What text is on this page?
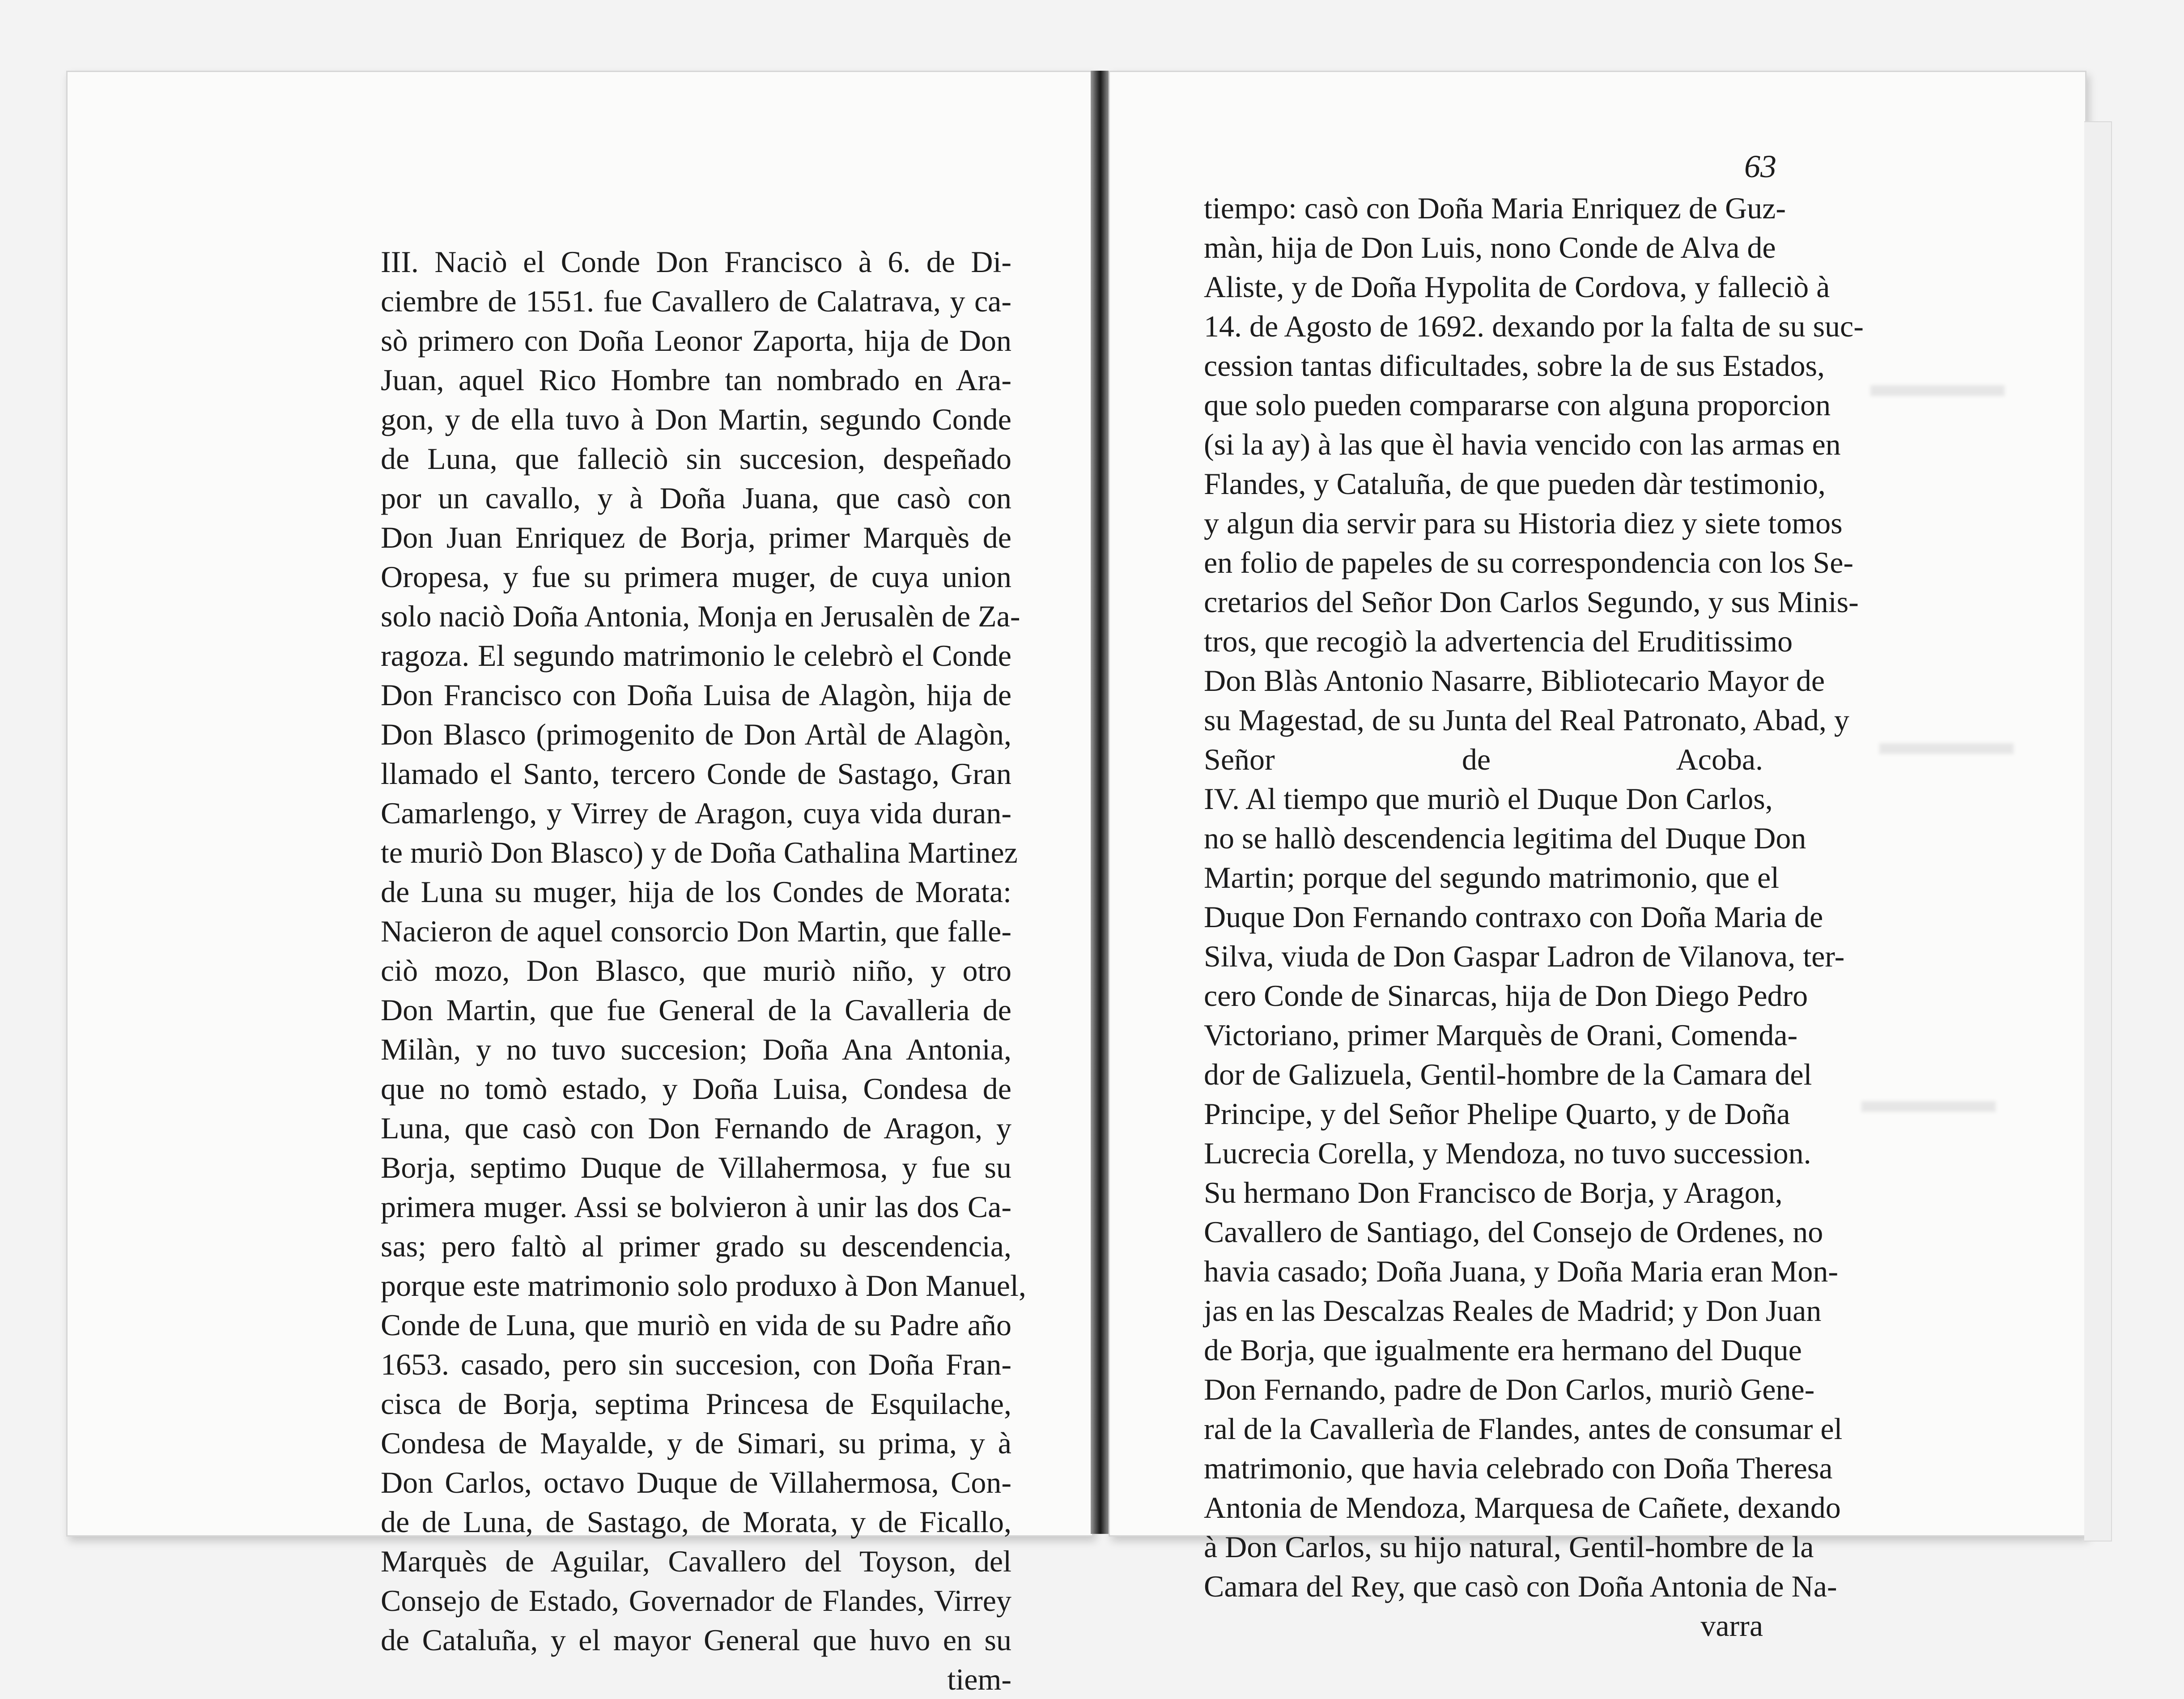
III. Naciò el Conde Don Francisco à 6. de Di-
ciembre de 1551. fue Cavallero de Calatrava, y ca-
sò primero con Doña Leonor Zaporta, hija de Don
Juan, aquel Rico Hombre tan nombrado en Ara-
gon, y de ella tuvo à Don Martin, segundo Conde
de Luna, que falleciò sin succesion, despeñado
por un cavallo, y à Doña Juana, que casò con
Don Juan Enriquez de Borja, primer Marquès de
Oropesa, y fue su primera muger, de cuya union
solo naciò Doña Antonia, Monja en Jerusalèn de Za-
ragoza. El segundo matrimonio le celebrò el Conde
Don Francisco con Doña Luisa de Alagòn, hija de
Don Blasco (primogenito de Don Artàl de Alagòn,
llamado el Santo, tercero Conde de Sastago, Gran
Camarlengo, y Virrey de Aragon, cuya vida duran-
te muriò Don Blasco) y de Doña Cathalina Martinez
de Luna su muger, hija de los Condes de Morata:
Nacieron de aquel consorcio Don Martin, que falle-
ciò mozo, Don Blasco, que muriò niño, y otro
Don Martin, que fue General de la Cavalleria de
Milàn, y no tuvo succesion; Doña Ana Antonia,
que no tomò estado, y Doña Luisa, Condesa de
Luna, que casò con Don Fernando de Aragon, y
Borja, septimo Duque de Villahermosa, y fue su
primera muger. Assi se bolvieron à unir las dos Ca-
sas; pero faltò al primer grado su descendencia,
porque este matrimonio solo produxo à Don Manuel,
Conde de Luna, que muriò en vida de su Padre año
1653. casado, pero sin succesion, con Doña Fran-
cisca de Borja, septima Princesa de Esquilache,
Condesa de Mayalde, y de Simari, su prima, y à
Don Carlos, octavo Duque de Villahermosa, Con-
de de Luna, de Sastago, de Morata, y de Ficallo,
Marquès de Aguilar, Cavallero del Toyson, del
Consejo de Estado, Governador de Flandes, Virrey
de Cataluña, y el mayor General que huvo en su
tiem-
63
tiempo: casò con Doña Maria Enriquez de Guz-
màn, hija de Don Luis, nono Conde de Alva de
Aliste, y de Doña Hypolita de Cordova, y falleciò à
14. de Agosto de 1692. dexando por la falta de su suc-
cession tantas dificultades, sobre la de sus Estados,
que solo pueden compararse con alguna proporcion
(si la ay) à las que èl havia vencido con las armas en
Flandes, y Cataluña, de que pueden dàr testimonio,
y algun dia servir para su Historia diez y siete tomos
en folio de papeles de su correspondencia con los Se-
cretarios del Señor Don Carlos Segundo, y sus Minis-
tros, que recogiò la advertencia del Eruditissimo
Don Blàs Antonio Nasarre, Bibliotecario Mayor de
su Magestad, de su Junta del Real Patronato, Abad, y
Señor de Acoba.
IV. Al tiempo que muriò el Duque Don Carlos,
no se hallò descendencia legitima del Duque Don
Martin; porque del segundo matrimonio, que el
Duque Don Fernando contraxo con Doña Maria de
Silva, viuda de Don Gaspar Ladron de Vilanova, ter-
cero Conde de Sinarcas, hija de Don Diego Pedro
Victoriano, primer Marquès de Orani, Comenda-
dor de Galizuela, Gentil-hombre de la Camara del
Principe, y del Señor Phelipe Quarto, y de Doña
Lucrecia Corella, y Mendoza, no tuvo succession.
Su hermano Don Francisco de Borja, y Aragon,
Cavallero de Santiago, del Consejo de Ordenes, no
havia casado; Doña Juana, y Doña Maria eran Mon-
jas en las Descalzas Reales de Madrid; y Don Juan
de Borja, que igualmente era hermano del Duque
Don Fernando, padre de Don Carlos, muriò Gene-
ral de la Cavallerìa de Flandes, antes de consumar el
matrimonio, que havia celebrado con Doña Theresa
Antonia de Mendoza, Marquesa de Cañete, dexando
à Don Carlos, su hijo natural, Gentil-hombre de la
Camara del Rey, que casò con Doña Antonia de Na-
varra
